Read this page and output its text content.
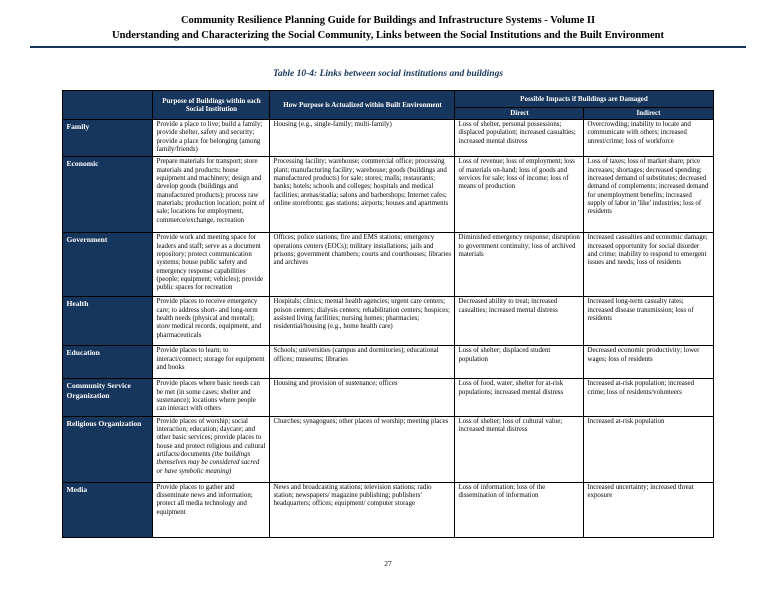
Community Resilience Planning Guide for Buildings and Infrastructure Systems - Volume II
Understanding and Characterizing the Social Community, Links between the Social Institutions and the Built Environment
Table 10-4: Links between social institutions and buildings
	Purpose of Buildings within each Social Institution	How Purpose is Actualized within Built Environment	Possible Impacts if Buildings are Damaged	
			Direct	Indirect
Family	Provide a place to live; build a family; provide shelter, safety and security; provide a place for belonging (among family/friends)	Housing (e.g., single-family; multi-family)	Loss of shelter, personal possessions; displaced population; increased casualties; increased mental distress	Overcrowding; inability to locate and communicate with others; increased unrest/crime; loss of workforce
Economic	Prepare materials for transport; store materials and products; house equipment and machinery; design and develop goods (buildings and manufactured products); process raw materials; production location; point of sale; locations for employment, commerce/exchange, recreation	Processing facility; warehouse; commercial office; processing plant; manufacturing facility; warehouse; goods (buildings and manufactured products) for sale; stores; malls; restaurants; banks; hotels; schools and colleges; hospitals and medical facilities; arenas/stadia; salons and barbershops; Internet cafes; online storefronts; gas stations; airports; houses and apartments	Loss of revenue; loss of employment; loss of materials on-hand; loss of goods and services for sale; loss of income; loss of means of production	Loss of taxes; loss of market share; price increases; shortages; decreased spending; increased demand of substitutes; decreased demand of complements; increased demand for unemployment benefits; increased supply of labor in 'like' industries; loss of residents
Government	Provide work and meeting space for leaders and staff; serve as a document repository; protect communication systems; house public safety and emergency response capabilities (people; equipment; vehicles); provide public spaces for recreation	Offices; police stations; fire and EMS stations; emergency operations centers (EOCs); military installations; jails and prisons; government chambers; courts and courthouses; libraries and archives	Diminished emergency response; disruption to government continuity; loss of archived materials	Increased casualties and economic damage; increased opportunity for social disorder and crime; inability to respond to emergent issues and needs; loss of residents
Health	Provide places to receive emergency care; to address short- and long-term health needs (physical and mental); store medical records, equipment, and pharmaceuticals	Hospitals; clinics; mental health agencies; urgent care centers; poison centers; dialysis centers; rehabilitation centers; hospices; assisted living facilities; nursing homes; pharmacies; residential/housing (e.g., home health care)	Decreased ability to treat; increased casualties; increased mental distress	Increased long-term casualty rates; increased disease transmission; loss of residents
Education	Provide places to learn; to interact/connect; storage for equipment and books	Schools; universities (campus and dormitories); educational offices; museums; libraries	Loss of shelter; displaced student population	Decreased economic productivity; lower wages; loss of residents
Community Service Organization	Provide places where basic needs can be met (in some cases; shelter and sustenance); locations where people can interact with others	Housing and provision of sustenance; offices	Loss of food, water; shelter for at-risk populations; increased mental distress	Increased at-risk population; increased crime; loss of residents/volunteers
Religious Organization	Provide places of worship; social interaction; education; daycare; and other basic services; provide places to house and protect religious and cultural artifacts/documents (the buildings themselves may be considered sacred or have symbolic meaning)	Churches; synagogues; other places of worship; meeting places	Loss of shelter; loss of cultural value; increased mental distress	Increased at-risk population
Media	Provide places to gather and disseminate news and information; protect all media technology and equipment	News and broadcasting stations; television stations; radio station; newspapers/ magazine publishing; publishers' headquarters; offices; equipment/ computer storage	Loss of information; loss of the dissemination of information	Increased uncertainty; increased threat exposure
27
